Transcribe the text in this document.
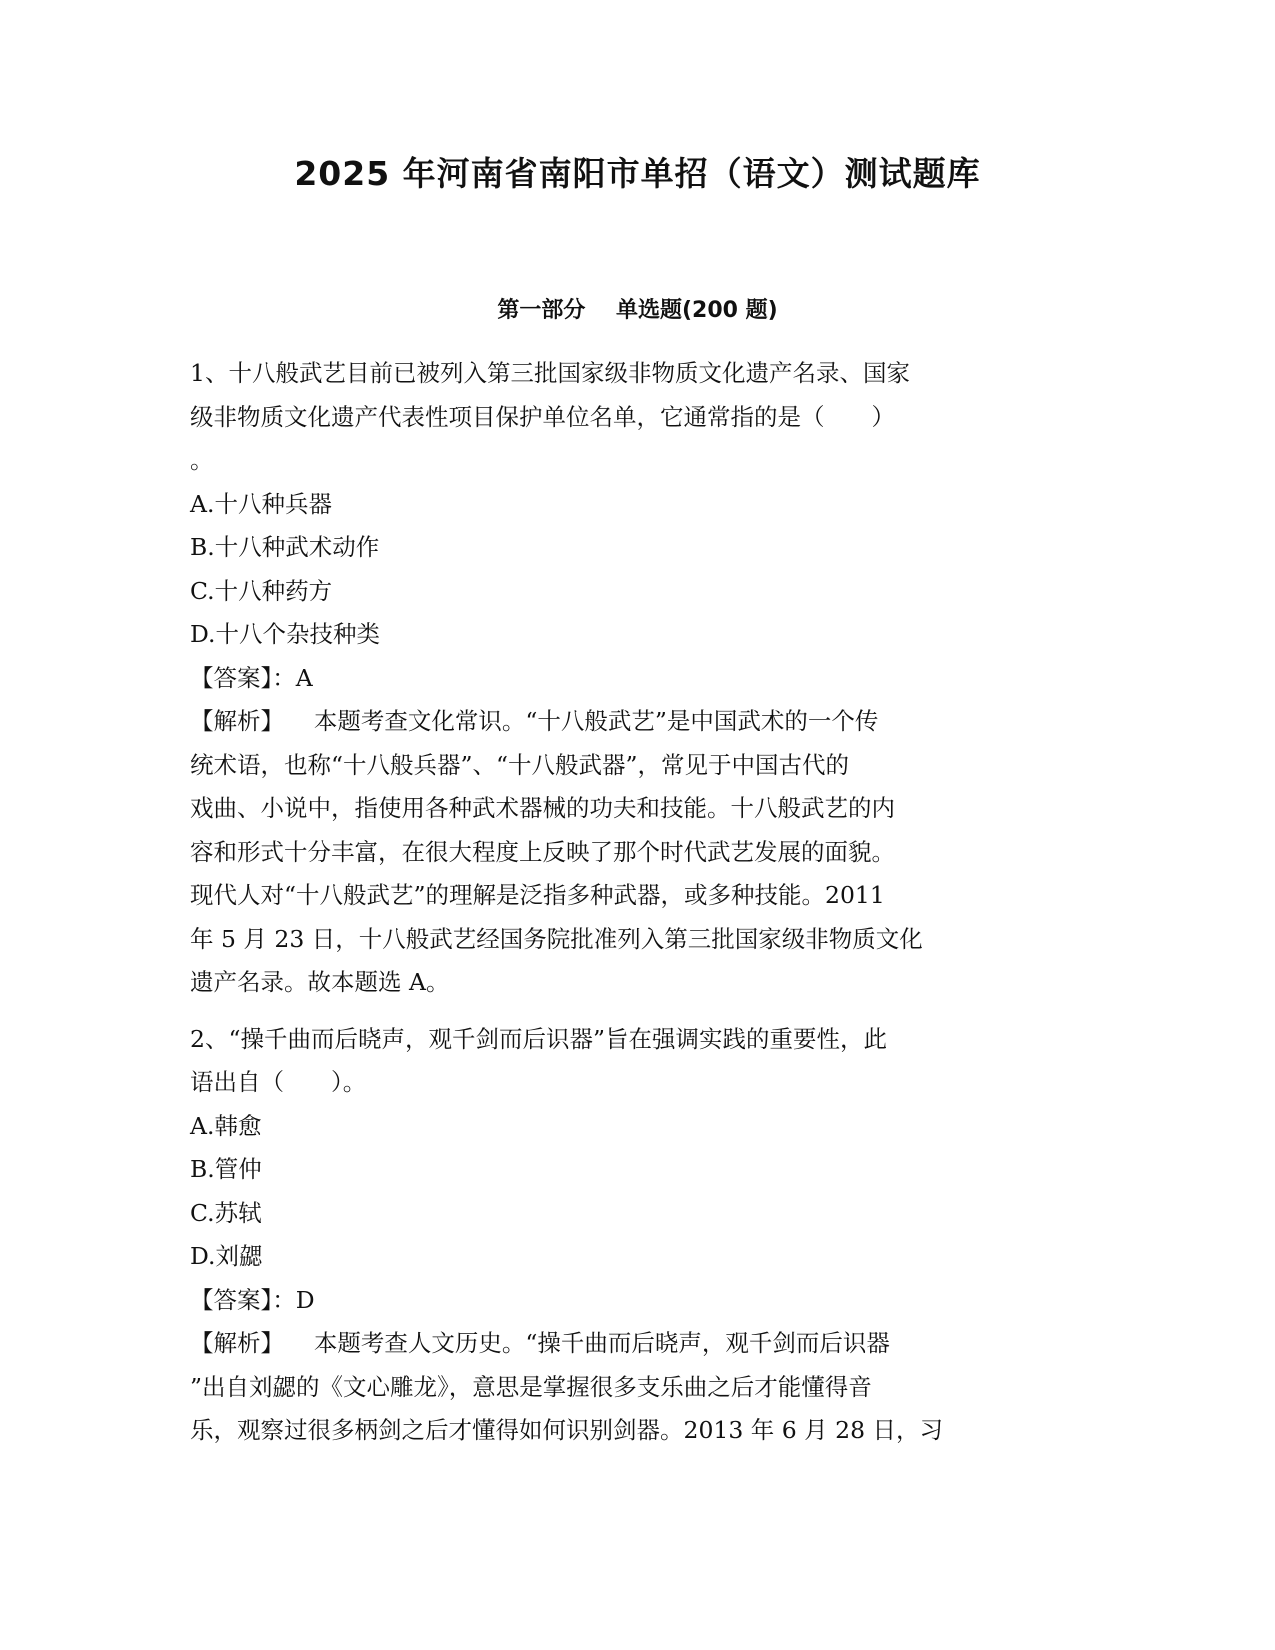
2025 年河南省南阳市单招（语文）测试题库
第一部分    单选题(200 题)

1、十八般武艺目前已被列入第三批国家级非物质文化遗产名录、国家

级非物质文化遗产代表性项目保护单位名单，它通常指的是（　　）

。

A.十八种兵器

B.十八种武术动作

C.十八种药方

D.十八个杂技种类

【答案】：A

【解析】    本题考查文化常识。“十八般武艺”是中国武术的一个传

统术语，也称“十八般兵器”、“十八般武器”，常见于中国古代的

戏曲、小说中，指使用各种武术器械的功夫和技能。十八般武艺的内

容和形式十分丰富，在很大程度上反映了那个时代武艺发展的面貌。

现代人对“十八般武艺”的理解是泛指多种武器，或多种技能。2011

年 5 月 23 日，十八般武艺经国务院批准列入第三批国家级非物质文化

遗产名录。故本题选 A。

2、“操千曲而后晓声，观千剑而后识器”旨在强调实践的重要性，此

语出自（　　）。

A.韩愈

B.管仲

C.苏轼

D.刘勰

【答案】：D

【解析】    本题考查人文历史。“操千曲而后晓声，观千剑而后识器

”出自刘勰的《文心雕龙》，意思是掌握很多支乐曲之后才能懂得音

乐，观察过很多柄剑之后才懂得如何识别剑器。2013 年 6 月 28 日，习
